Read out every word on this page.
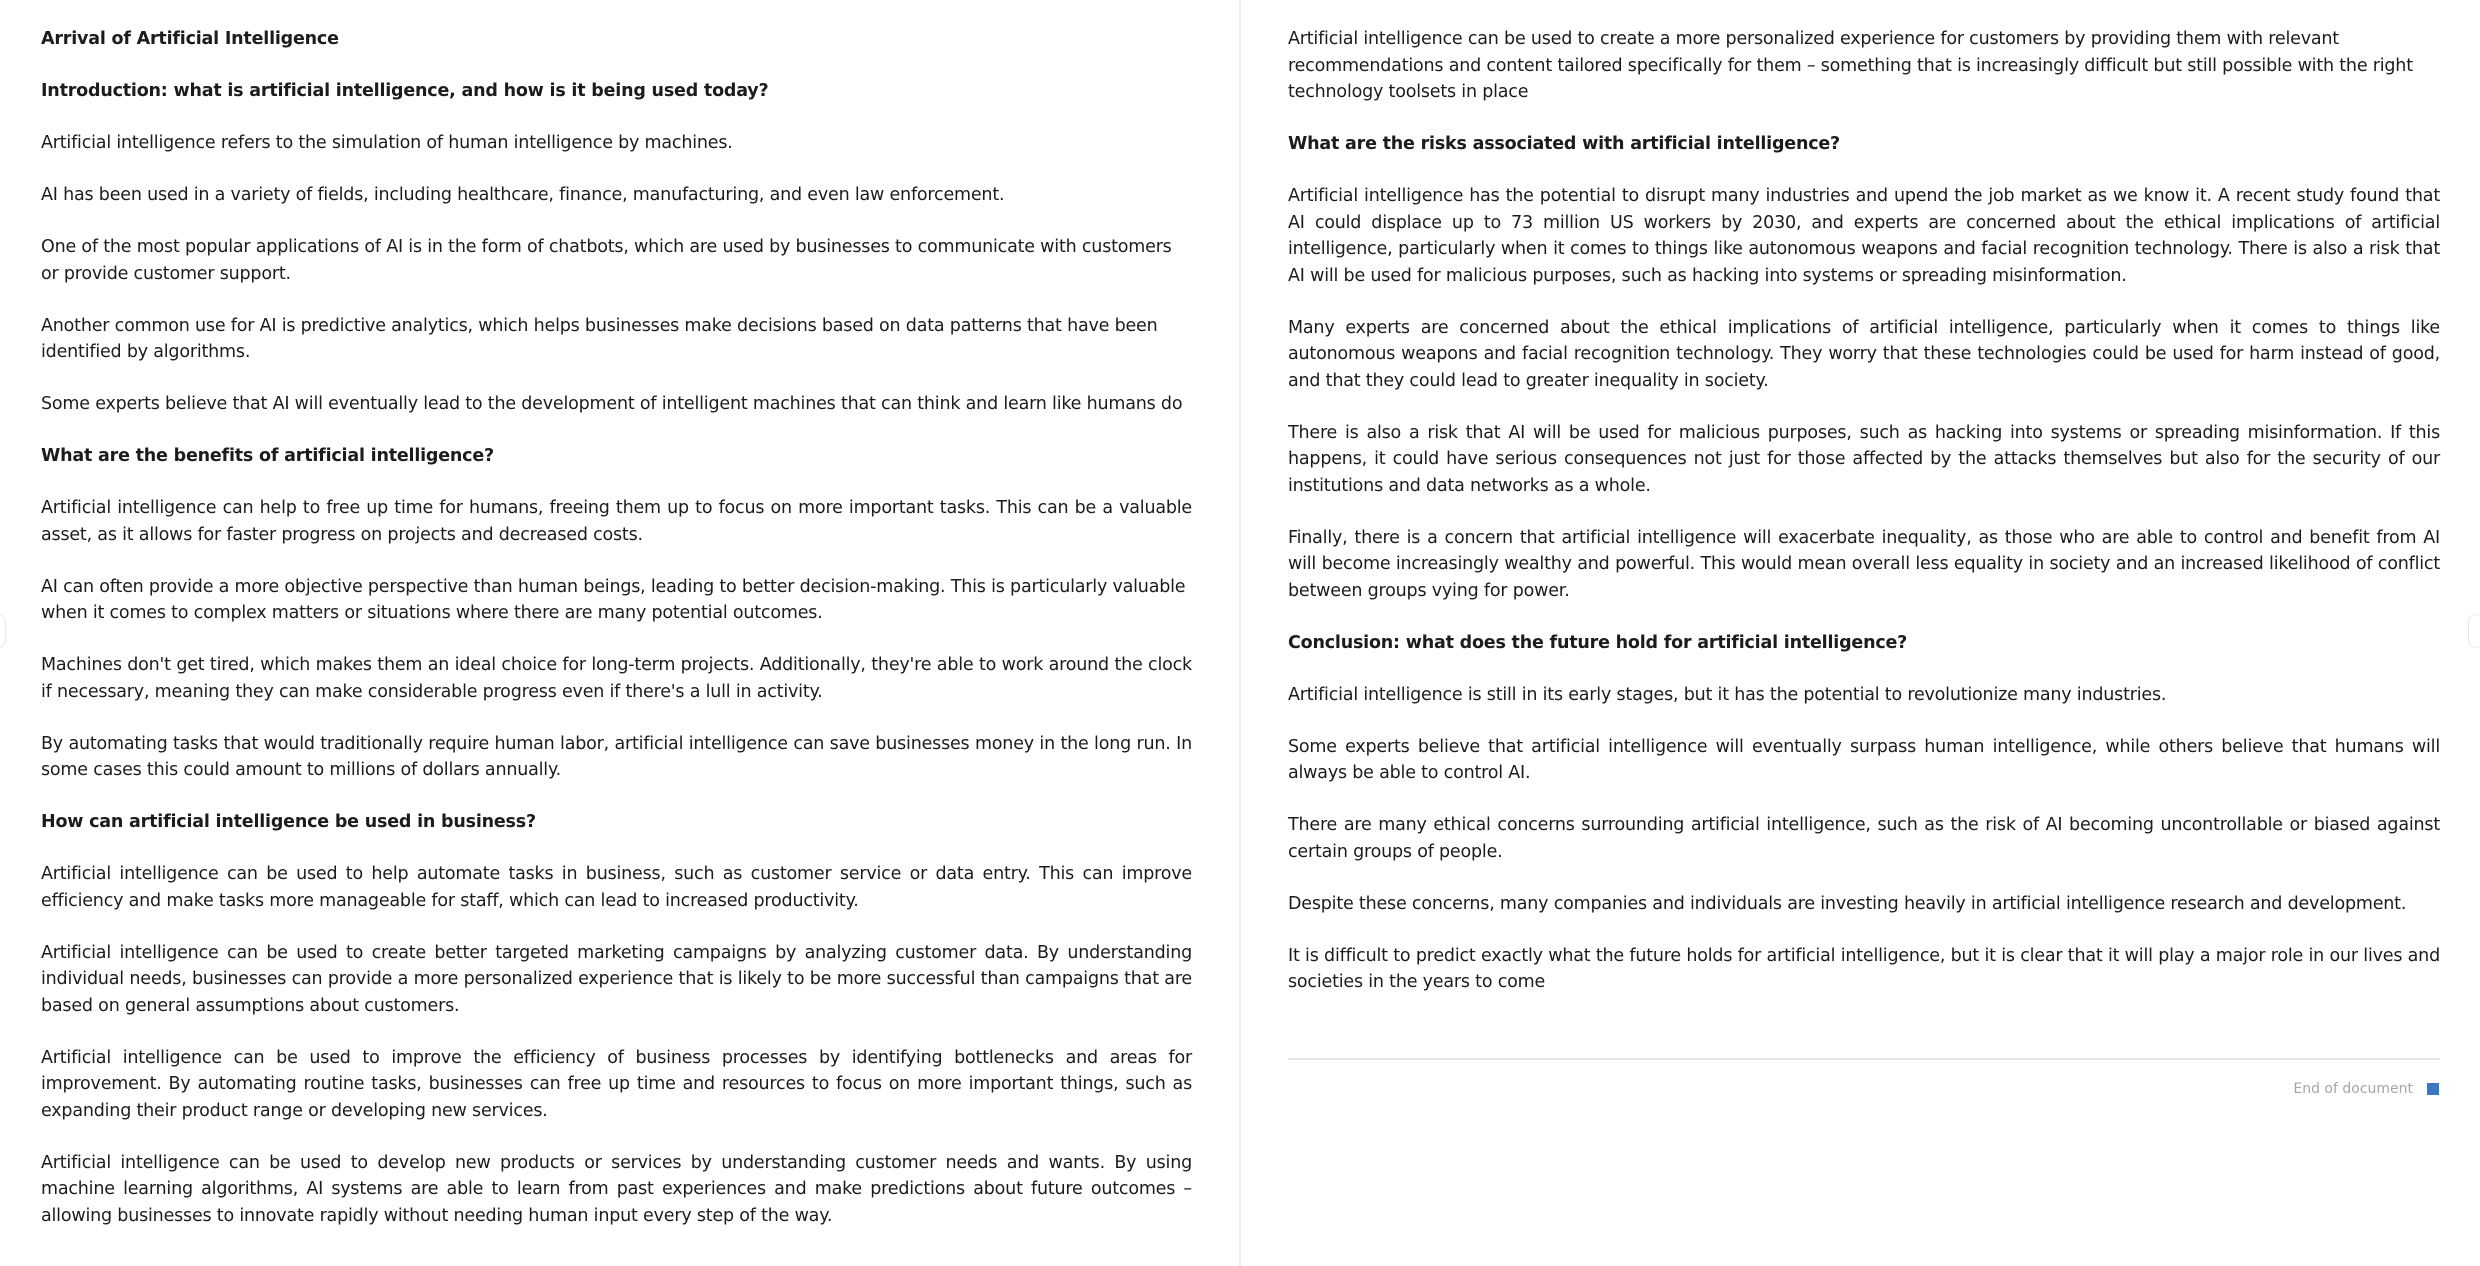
Arrival of Artificial Intelligence

Introduction: what is artificial intelligence, and how is it being used today?

Artificial intelligence refers to the simulation of human intelligence by machines.

AI has been used in a variety of fields, including healthcare, finance, manufacturing, and even law enforcement.

One of the most popular applications of AI is in the form of chatbots, which are used by businesses to communicate with customers or provide customer support.

Another common use for AI is predictive analytics, which helps businesses make decisions based on data patterns that have been identified by algorithms.

Some experts believe that AI will eventually lead to the development of intelligent machines that can think and learn like humans do

What are the benefits of artificial intelligence?

Artificial intelligence can help to free up time for humans, freeing them up to focus on more important tasks. This can be a valuable asset, as it allows for faster progress on projects and decreased costs.

AI can often provide a more objective perspective than human beings, leading to better decision-making. This is particularly valuable when it comes to complex matters or situations where there are many potential outcomes.

Machines don't get tired, which makes them an ideal choice for long-term projects. Additionally, they're able to work around the clock if necessary, meaning they can make considerable progress even if there's a lull in activity.

By automating tasks that would traditionally require human labor, artificial intelligence can save businesses money in the long run. In some cases this could amount to millions of dollars annually.

How can artificial intelligence be used in business?

Artificial intelligence can be used to help automate tasks in business, such as customer service or data entry. This can improve efficiency and make tasks more manageable for staff, which can lead to increased productivity.

Artificial intelligence can be used to create better targeted marketing campaigns by analyzing customer data. By understanding individual needs, businesses can provide a more personalized experience that is likely to be more successful than campaigns that are based on general assumptions about customers.

Artificial intelligence can be used to improve the efficiency of business processes by identifying bottlenecks and areas for improvement. By automating routine tasks, businesses can free up time and resources to focus on more important things, such as expanding their product range or developing new services.

Artificial intelligence can be used to develop new products or services by understanding customer needs and wants. By using machine learning algorithms, AI systems are able to learn from past experiences and make predictions about future outcomes – allowing businesses to innovate rapidly without needing human input every step of the way.

Artificial intelligence can be used to create a more personalized experience for customers by providing them with relevant recommendations and content tailored specifically for them – something that is increasingly difficult but still possible with the right technology toolsets in place

What are the risks associated with artificial intelligence?

Artificial intelligence has the potential to disrupt many industries and upend the job market as we know it. A recent study found that AI could displace up to 73 million US workers by 2030, and experts are concerned about the ethical implications of artificial intelligence, particularly when it comes to things like autonomous weapons and facial recognition technology. There is also a risk that AI will be used for malicious purposes, such as hacking into systems or spreading misinformation.

Many experts are concerned about the ethical implications of artificial intelligence, particularly when it comes to things like autonomous weapons and facial recognition technology. They worry that these technologies could be used for harm instead of good, and that they could lead to greater inequality in society.

There is also a risk that AI will be used for malicious purposes, such as hacking into systems or spreading misinformation. If this happens, it could have serious consequences not just for those affected by the attacks themselves but also for the security of our institutions and data networks as a whole.

Finally, there is a concern that artificial intelligence will exacerbate inequality, as those who are able to control and benefit from AI will become increasingly wealthy and powerful. This would mean overall less equality in society and an increased likelihood of conflict between groups vying for power.

Conclusion: what does the future hold for artificial intelligence?

Artificial intelligence is still in its early stages, but it has the potential to revolutionize many industries.

Some experts believe that artificial intelligence will eventually surpass human intelligence, while others believe that humans will always be able to control AI.

There are many ethical concerns surrounding artificial intelligence, such as the risk of AI becoming uncontrollable or biased against certain groups of people.

Despite these concerns, many companies and individuals are investing heavily in artificial intelligence research and development.

It is difficult to predict exactly what the future holds for artificial intelligence, but it is clear that it will play a major role in our lives and societies in the years to come

End of document
